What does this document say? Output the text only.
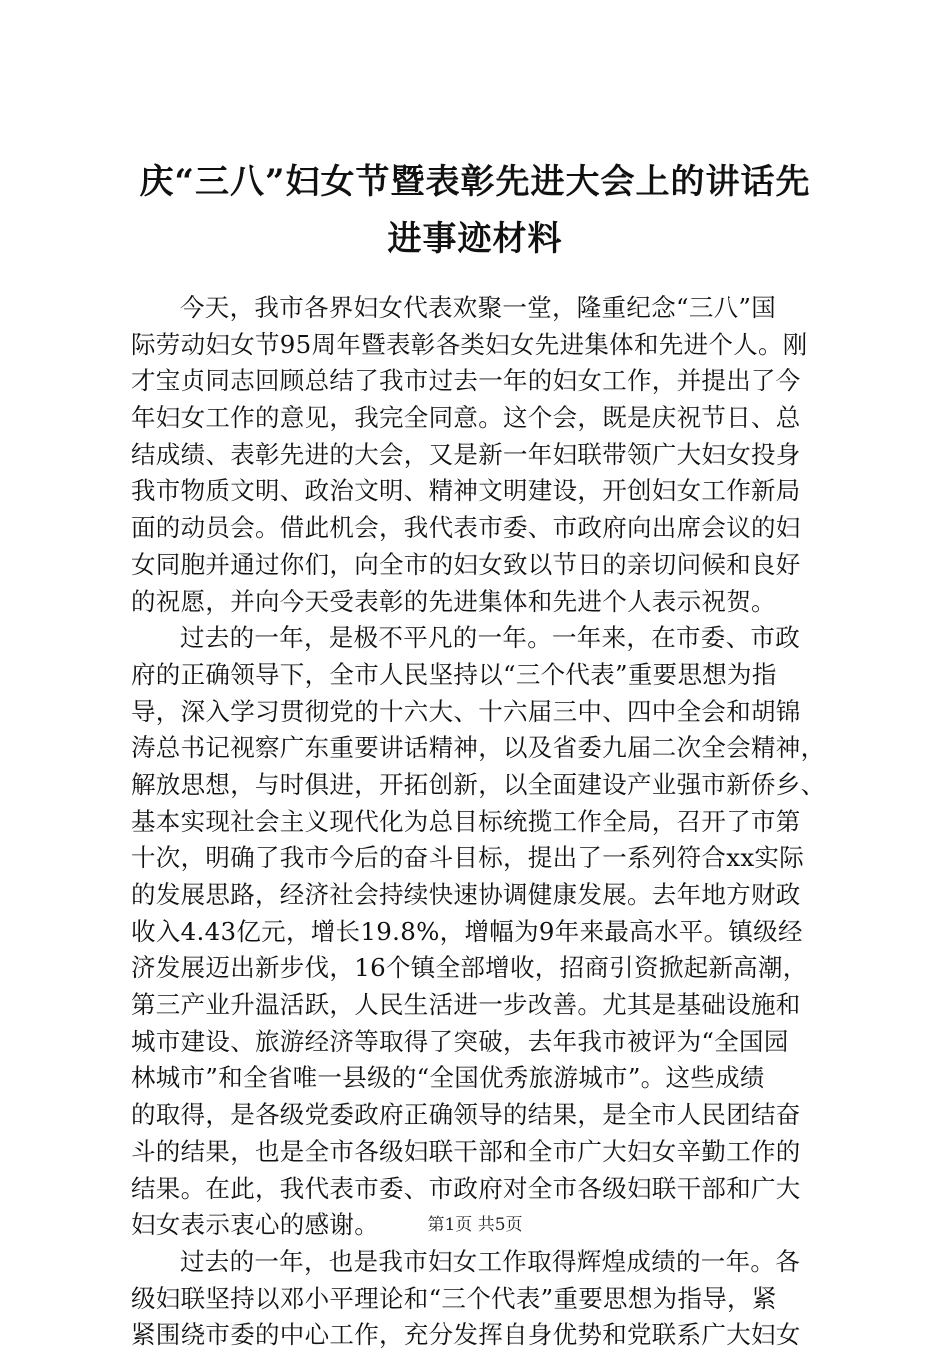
庆“三八”妇女节暨表彰先进大会上的讲话先
进事迹材料
今天，我市各界妇女代表欢聚一堂，隆重纪念“三八”国
际劳动妇女节95周年暨表彰各类妇女先进集体和先进个人。刚
才宝贞同志回顾总结了我市过去一年的妇女工作，并提出了今
年妇女工作的意见，我完全同意。这个会，既是庆祝节日、总
结成绩、表彰先进的大会，又是新一年妇联带领广大妇女投身
我市物质文明、政治文明、精神文明建设，开创妇女工作新局
面的动员会。借此机会，我代表市委、市政府向出席会议的妇
女同胞并通过你们，向全市的妇女致以节日的亲切问候和良好
的祝愿，并向今天受表彰的先进集体和先进个人表示祝贺。
过去的一年，是极不平凡的一年。一年来，在市委、市政
府的正确领导下，全市人民坚持以“三个代表”重要思想为指
导，深入学习贯彻党的十六大、十六届三中、四中全会和胡锦
涛总书记视察广东重要讲话精神，以及省委九届二次全会精神，
解放思想，与时俱进，开拓创新，以全面建设产业强市新侨乡、
基本实现社会主义现代化为总目标统揽工作全局，召开了市第
十次，明确了我市今后的奋斗目标，提出了一系列符合xx实际
的发展思路，经济社会持续快速协调健康发展。去年地方财政
收入4.43亿元，增长19.8%，增幅为9年来最高水平。镇级经
济发展迈出新步伐，16个镇全部增收，招商引资掀起新高潮，
第三产业升温活跃，人民生活进一步改善。尤其是基础设施和
城市建设、旅游经济等取得了突破，去年我市被评为“全国园
林城市”和全省唯一县级的“全国优秀旅游城市”。这些成绩
的取得，是各级党委政府正确领导的结果，是全市人民团结奋
斗的结果，也是全市各级妇联干部和全市广大妇女辛勤工作的
结果。在此，我代表市委、市政府对全市各级妇联干部和广大
妇女表示衷心的感谢。
过去的一年，也是我市妇女工作取得辉煌成绩的一年。各
级妇联坚持以邓小平理论和“三个代表”重要思想为指导，紧
紧围绕市委的中心工作，充分发挥自身优势和党联系广大妇女
第1页 共5页
